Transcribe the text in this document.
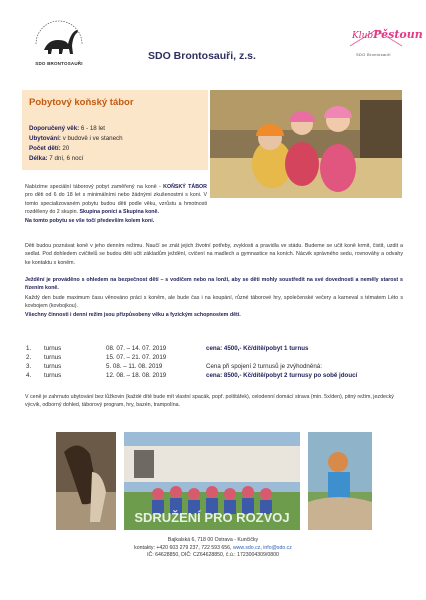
SDO BRONTOSAUŘI
SDO Brontosauři, z.s.
KlubPěstoun
SDO Brontosauři
Pobytový koňský tábor
Doporučený věk: 6 - 18 let
Ubytování: v budově i ve stanech
Počet dětí: 20
Délka: 7 dní, 6 nocí
Nabízíme speciální táborový pobyt zaměřený na koně - KOŇSKÝ TÁBOR pro děti od 6 do 18 let s minimálními nebo žádnými zkušenostmi s koni. V tomto specializovaném pobytu budou děti podle věku, vzrůstu a hmotnosti rozděleny do 2 skupin. Skupina poníci a Skupina koně.
Na tomto pobytu se vše točí především kolem koní.
Děti budou poznávat koně v jeho denním režimu. Naučí se znát jejich životní potřeby, zvyklosti a pravidla ve stádu. Budeme se učit koně krmit, čistit, uzdit a sedlat. Pod dohledem cvičitelů se budou děti učit základům ježdění, cvičení na madlech a gymnastice na koních. Nácvik správného sedu, rovnováhy a odvahy ke kontaktu s koněm.
Ježdění je prováděno s ohledem na bezpečnost dětí – s vodičem nebo na lonži, aby se děti mohly soustředit na své dovednosti a neměly starost s řízením koně.
Každý den bude maximum času věnováno práci s koněm, ale bude čas i na koupání, různé táborové hry, společenské večery a karneval s tématem Léto s kovbojem (kovbojkou).
Všechny činnosti i denní režim jsou přizpůsobeny věku a fyzickým schopnostem dětí.
1. turnus	08. 07. – 14. 07. 2019	cena: 4500,- Kč/dítě/pobyt 1 turnus
2. turnus	15. 07. – 21. 07. 2019
3. turnus	5. 08. – 11. 08. 2019	Cena při spojení 2 turnusů je zvýhodněná:
4. turnus	12. 08. – 18. 08. 2019	cena: 8500,- Kč/dítě/pobyt 2 turnusy po sobě jdoucí
V ceně je zahrnuto ubytování bez lůžkovin (každé dítě bude mít vlastní spacák, popř. polštářek), celodenní domácí strava (min. 5x/den), pitný režim, jezdecký výcvik, odborný dohled, táborový program, hry, bazén, trampolína.
SDRUŽENÍ PRO ROZVOJ
Bajkalská 6, 718 00 Ostrava - Kunčičky
kontakty: +420 603 279 237, 722 593 656, www.sdo.cz, info@sdo.cz
IČ: 64628850, DIČ: CZ64628850, č.ú.: 1723004309/0800
